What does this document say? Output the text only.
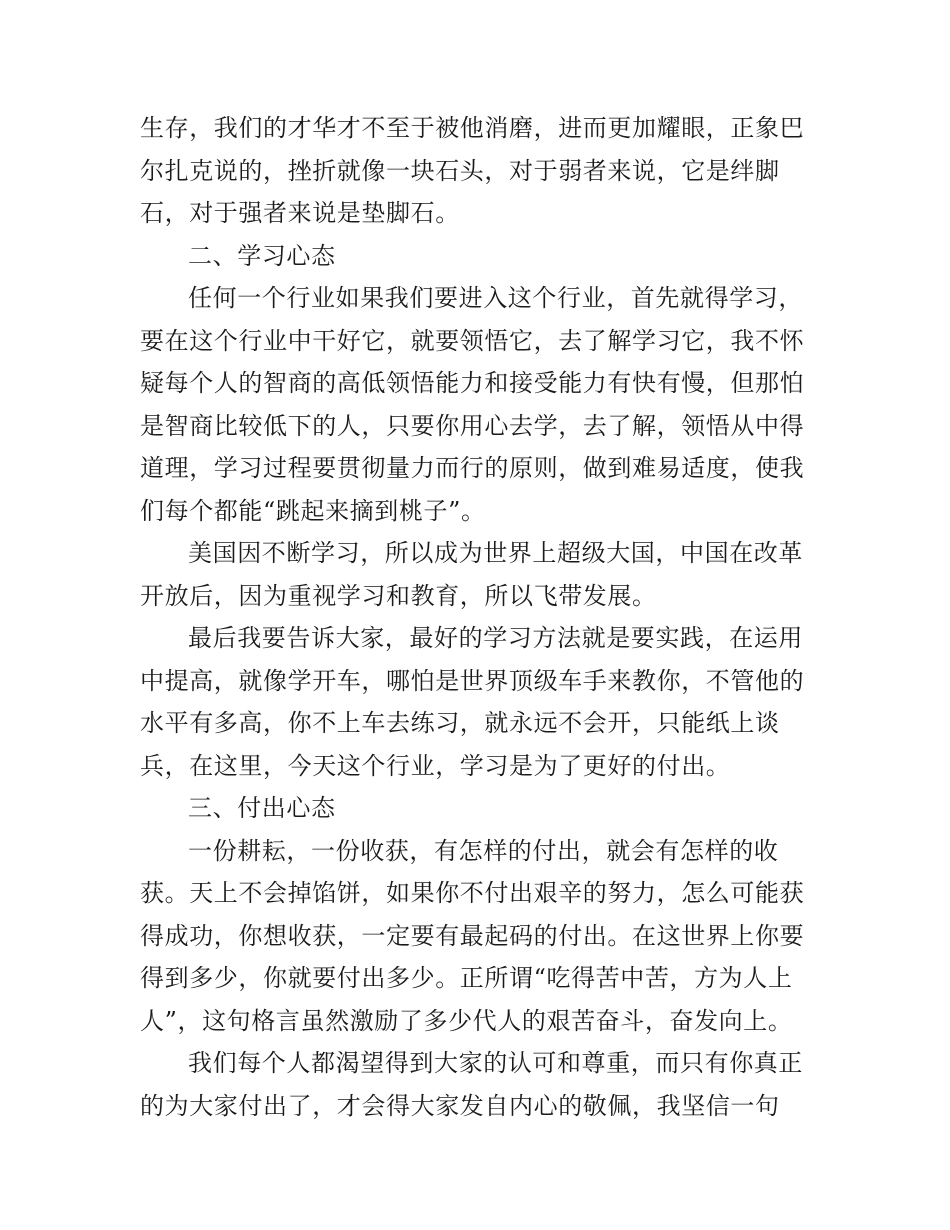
生存，我们的才华才不至于被他消磨，进而更加耀眼，正象巴
尔扎克说的，挫折就像一块石头，对于弱者来说，它是绊脚
石，对于强者来说是垫脚石。
二、学习心态
任何一个行业如果我们要进入这个行业，首先就得学习，
要在这个行业中干好它，就要领悟它，去了解学习它，我不怀
疑每个人的智商的高低领悟能力和接受能力有快有慢，但那怕
是智商比较低下的人，只要你用心去学，去了解，领悟从中得
道理，学习过程要贯彻量力而行的原则，做到难易适度，使我
们每个都能“跳起来摘到桃子”。
美国因不断学习，所以成为世界上超级大国，中国在改革
开放后，因为重视学习和教育，所以飞带发展。
最后我要告诉大家，最好的学习方法就是要实践，在运用
中提高，就像学开车，哪怕是世界顶级车手来教你，不管他的
水平有多高，你不上车去练习，就永远不会开，只能纸上谈
兵，在这里，今天这个行业，学习是为了更好的付出。
三、付出心态
一份耕耘，一份收获，有怎样的付出，就会有怎样的收
获。天上不会掉馅饼，如果你不付出艰辛的努力，怎么可能获
得成功，你想收获，一定要有最起码的付出。在这世界上你要
得到多少，你就要付出多少。正所谓“吃得苦中苦，方为人上
人”，这句格言虽然激励了多少代人的艰苦奋斗，奋发向上。
我们每个人都渴望得到大家的认可和尊重，而只有你真正
的为大家付出了，才会得大家发自内心的敬佩，我坚信一句
